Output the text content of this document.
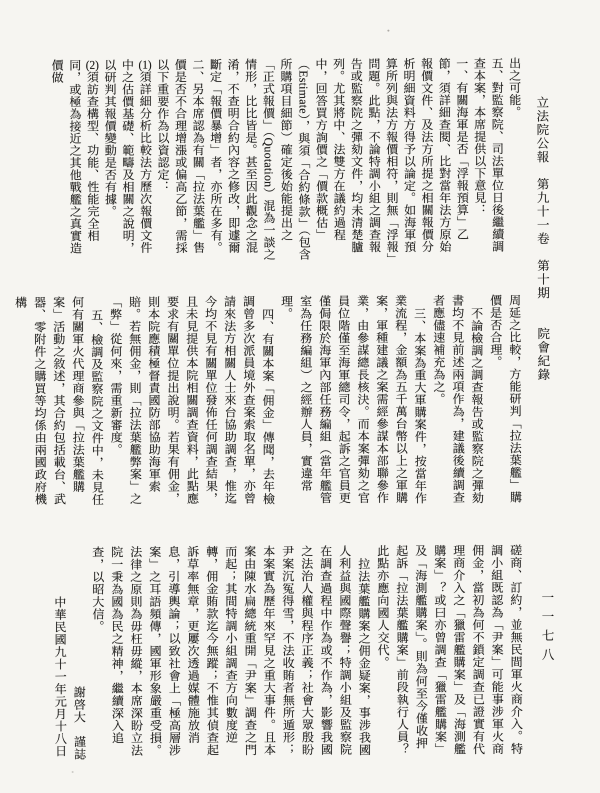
立法院公報　第九十一卷　第十期　　院會紀錄
一一七八

出之可能。

五、對監察院、司法單位日後繼續調查本案，本席提供以下意見：

一、有關海軍是否「浮報預算」乙節，須詳細查閱、比對當年法方原始報價文件、及法方所提之相關報價分析明細資料方得予以論定。如海軍預算所列與法方報價相符，則無「浮報」問題。此點，不論特調小組之調查報告或監察院之彈劾文件，均未清楚臚列。尤其將中、法雙方在議約過程中，回答買方詢價之「價款概估」（Estimate），與須「合約條款」（包含所購項目細節）確定後始能提出之「正式報價」（Quotation）混為一談之情形，比比皆是。甚至因此觀念之混淆，不查明合約內容之修改，即遽爾斷定「報價暴增」者，亦所在多有。

二、另本席認為有關「拉法葉艦」售價是否不合理增漲或偏高乙節，需採以下重要作為以資認定：

(1)須詳細分析比較法方歷次報價文件中之估價基礎、範疇及相關之說明，以研判其報價變動是否有據。

(2)須訪查構型、功能、性能完全相同，或極為接近之其他戰艦之真實造價做

周延之比較，方能研判「拉法葉艦」購價是否合理。

不論檢調之調查報告或監察院之彈劾書均不見前述兩項作為，建議後續調查者應儘速補充為之。

三、本案為重大軍購案件，按當年作業流程，金額為五千萬台幣以上之軍購案，軍種建議之案需經參謀本部聯參作業，由參謀總長核決。而本案彈劾之官員位階僅至海軍總司令，起訴之官員更僅侷限於海軍內部任務編組（當年艦管室為任務編組）之經辦人員，實違常理。

四、有關本案「佣金」傳聞，去年檢調曾多次派員境外查案索取名單，亦曾請來法方相關人士來台協助調查，惟迄今均不見有關單位發佈任何調查結果，且未見提供本院相關調查資料，此點應要求有關單位提出說明。若果有佣金，則本院應積極督責國防部協助海軍索賠。若無佣金，則「拉法葉艦弊案」之「弊」從何來，需重新審度。

五、檢調及監察院之文件中，未見任何有關軍火代理商參與「拉法葉艦購案」活動之敘述，其合約包括載台、武器、零附件之購買等均係由兩國政府機構

磋商、訂約，並無民間軍火商介入。特調小組既認為「尹案」可能事涉軍火商佣金，當初為何不鎖定調查已證實有代理商介入之「獵雷艦購案」及「海測艦購案」？或曰亦曾調查「獵雷艦購案」及「海測艦購案」。則為何至今僅收押起訴「拉法葉艦購案」前段執行人員？此點亦應向國人交代。

拉法葉艦購案之佣金疑案，事涉我國人利益與國際聲譽；特調小組及監察院在調查過程中作為或不作為，影響我國之法治人權與程序正義；社會大眾殷盼尹案沉冤得雪，不法收賄者無所遁形；本案實為歷年來罕見之重大事件。且本案由陳水扁總統重開「尹案」調查之門而起；其間特調小組調查方向數度逆轉，佣金賄款迄今無蹤；不惟其偵查起訴草率無章，更屢次透過媒體施放消息，引導輿論；以致社會上「極高層涉案」之耳語頻傳，國軍形象嚴重受損。法律之原則為毋枉毋縱，本席深盼立法院一秉為國為民之精神，繼續深入追查，以昭大信。

謝啓大　謹誌

中華民國九十一年元月十八日
